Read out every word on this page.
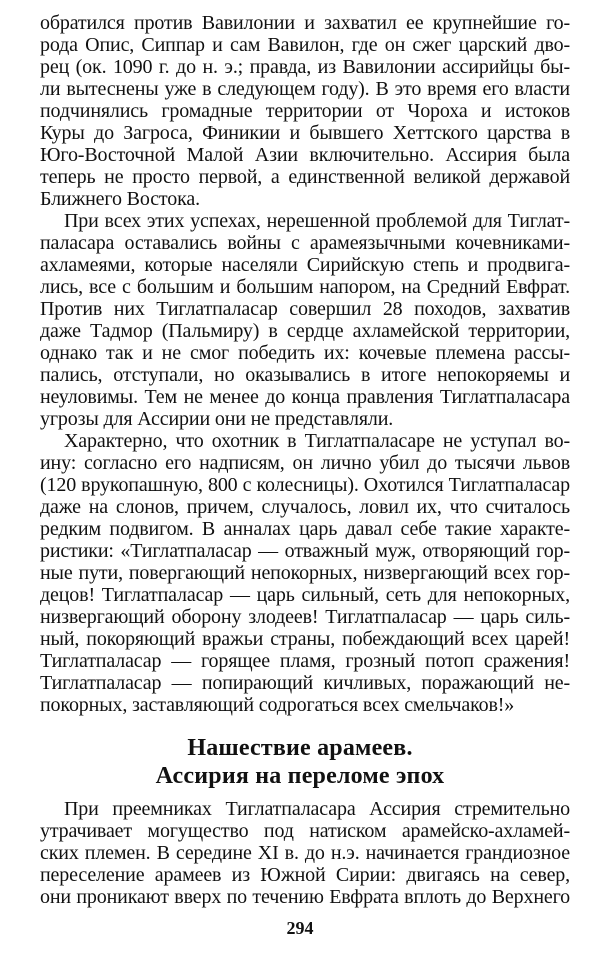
обратился против Вавилонии и захватил ее крупнейшие го-
рода Опис, Сиппар и сам Вавилон, где он сжег царский дво-
рец (ок. 1090 г. до н. э.; правда, из Вавилонии ассирийцы бы-
ли вытеснены уже в следующем году). В это время его власти
подчинялись громадные территории от Чороха и истоков
Куры до Загроса, Финикии и бывшего Хеттского царства в
Юго-Восточной Малой Азии включительно. Ассирия была
теперь не просто первой, а единственной великой державой
Ближнего Востока.
При всех этих успехах, нерешенной проблемой для Тиглат-
паласара оставались войны с арамеязычными кочевниками-
ахламеями, которые населяли Сирийскую степь и продвига-
лись, все с большим и большим напором, на Средний Евфрат.
Против них Тиглатпаласар совершил 28 походов, захватив
даже Тадмор (Пальмиру) в сердце ахламейской территории,
однако так и не смог победить их: кочевые племена рассы-
пались, отступали, но оказывались в итоге непокоряемы и
неуловимы. Тем не менее до конца правления Тиглатпаласара
угрозы для Ассирии они не представляли.
Характерно, что охотник в Тиглатпаласаре не уступал во-
ину: согласно его надписям, он лично убил до тысячи львов
(120 врукопашную, 800 с колесницы). Охотился Тиглатпаласар
даже на слонов, причем, случалось, ловил их, что считалось
редким подвигом. В анналах царь давал себе такие характе-
ристики: «Тиглатпаласар — отважный муж, отворяющий гор-
ные пути, повергающий непокорных, низвергающий всех гор-
децов! Тиглатпаласар — царь сильный, сеть для непокорных,
низвергающий оборону злодеев! Тиглатпаласар — царь силь-
ный, покоряющий вражьи страны, побеждающий всех царей!
Тиглатпаласар — горящее пламя, грозный потоп сражения!
Тиглатпаласар — попирающий кичливых, поражающий не-
покорных, заставляющий содрогаться всех смельчаков!»
Нашествие арамеев.
Ассирия на переломе эпох
При преемниках Тиглатпаласара Ассирия стремительно
утрачивает могущество под натиском арамейско-ахламей-
ских племен. В середине XI в. до н.э. начинается грандиозное
переселение арамеев из Южной Сирии: двигаясь на север,
они проникают вверх по течению Евфрата вплоть до Верхнего
294
